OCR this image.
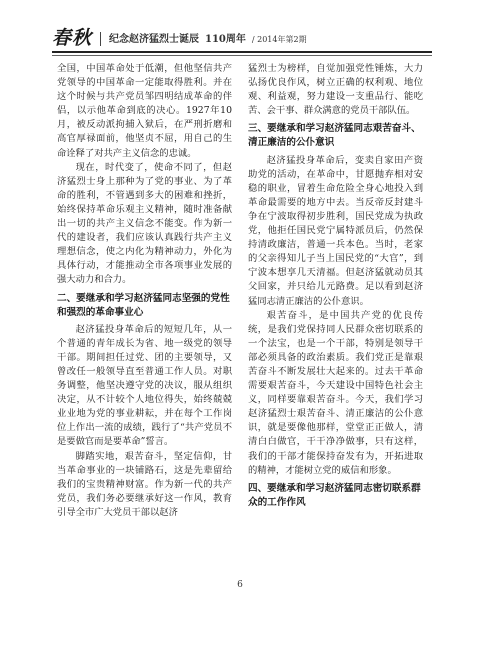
春秋 纪念赵济猛烈士诞辰 110周年 / 2014年第2期

全国，中国革命处于低潮，但他坚信共产党领导的中国革命一定能取得胜利。并在这个时候与共产党员邹四明结成革命的伴侣，以示他革命到底的决心。1927年10月，被反动派拘捕入狱后，在严刑折磨和高官厚禄面前，他坚贞不屈，用自己的生命诠释了对共产主义信念的忠诚。

现在，时代变了，使命不同了，但赵济猛烈士身上那种为了党的事业、为了革命的胜利，不管遇到多大的困难和挫折，始终保持革命乐观主义精神，随时准备献出一切的共产主义信念不能变。作为新一代的建设者，我们应该认真践行共产主义理想信念，使之内化为精神动力，外化为具体行动，才能推动全市各项事业发展的强大动力和合力。

二、要继承和学习赵济猛同志坚强的党性和强烈的革命事业心

赵济猛投身革命后的短短几年，从一个普通的青年成长为省、地一级党的领导干部。期间担任过党、团的主要领导，又曾改任一般领导直至普通工作人员。对职务调整，他坚决遵守党的决议，服从组织决定，从不计较个人地位得失，始终兢兢业业地为党的事业耕耘，并在每个工作岗位上作出一流的成绩，践行了“共产党员不是要做官而是要革命”誓言。

脚踏实地，艰苦奋斗，坚定信仰，甘当革命事业的一块铺路石，这是先辈留给我们的宝贵精神财富。作为新一代的共产党员，我们务必要继承好这一作风，教育引导全市广大党员干部以赵济

猛烈士为榜样，自觉加强党性锤炼，大力弘扬优良作风，树立正确的权利观、地位观、利益观，努力建设一支重品行、能吃苦、会干事、群众满意的党员干部队伍。

三、要继承和学习赵济猛同志艰苦奋斗、清正廉洁的公仆意识

赵济猛投身革命后，变卖自家田产资助党的活动，在革命中，甘愿抛弃相对安稳的职业，冒着生命危险全身心地投入到革命最需要的地方中去。当反帝反封建斗争在宁波取得初步胜利，国民党成为执政党，他拒任国民党宁属特派员后，仍然保持清政廉洁，普通一兵本色。当时，老家的父亲得知儿子当上国民党的“大官”，到宁波本想享几天清福。但赵济猛就动员其父回家，并只给儿元路费。足以看到赵济猛同志清正廉洁的公仆意识。

艰苦奋斗，是中国共产党的优良传统，是我们党保持同人民群众密切联系的一个法宝，也是一个干部，特别是领导干部必须具备的政治素质。我们党正是靠艰苦奋斗不断发展壮大起来的。过去干革命需要艰苦奋斗，今天建设中国特色社会主义，同样要靠艰苦奋斗。今天，我们学习赵济猛烈士艰苦奋斗、清正廉洁的公仆意识，就是要像他那样，堂堂正正做人，清清白白做官，干干净净做事，只有这样，我们的干部才能保持奋发有为，开拓进取的精神，才能树立党的威信和形象。

四、要继承和学习赵济猛同志密切联系群众的工作作风
6
